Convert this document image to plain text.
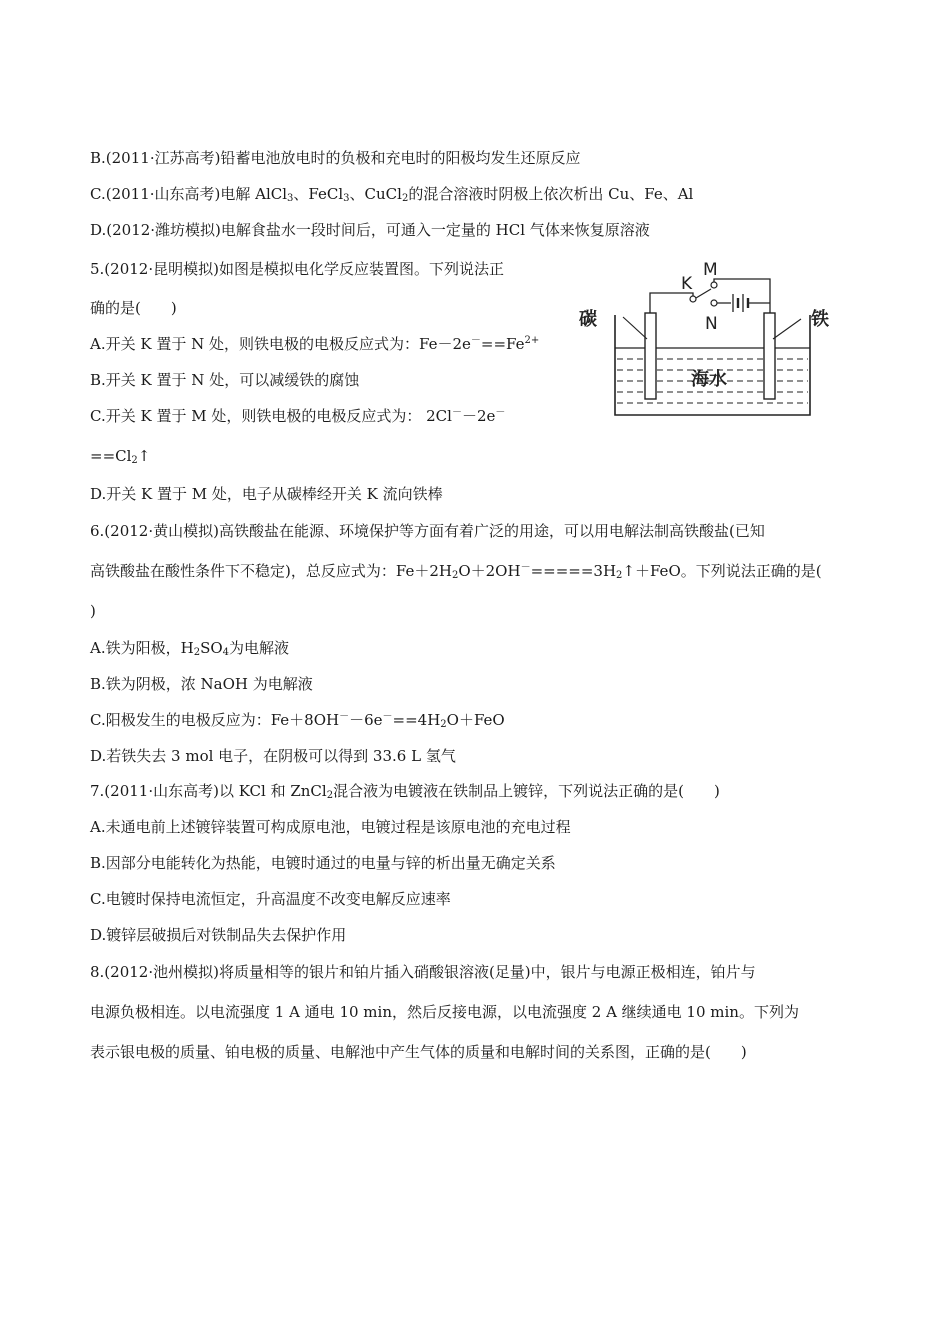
B.(2011·江苏高考)铅蓄电池放电时的负极和充电时的阳极均发生还原反应

C.(2011·山东高考)电解 AlCl$_3$、FeCl$_3$、CuCl$_2$的混合溶液时阴极上依次析出 Cu、Fe、Al

D.(2012·潍坊模拟)电解食盐水一段时间后，可通入一定量的 HCl 气体来恢复原溶液

5.(2012·昆明模拟)如图是模拟电化学反应装置图。下列说法正

确的是( )

A.开关 K 置于 N 处，则铁电极的电极反应式为：$Fe-2e^-==Fe^{2+}$

B.开关 K 置于 N 处，可以减缓铁的腐蚀

C.开关 K 置于 M 处，则铁电极的电极反应式为： 2Cl－－2e－

$==Cl_2↑$

D.开关 K 置于 M 处，电子从碳棒经开关 K 流向铁棒

M
K
N
碳	铁
海水

6.(2012·黄山模拟)高铁酸盐在能源、环境保护等方面有着广泛的用途，可以用电解法制高铁酸盐(已知

高铁酸盐在酸性条件下不稳定)，总反应式为：$Fe+2H_2O+2OH^-=====3H_2↑+FeO$。下列说法正确的是(

)

A.铁为阳极，$H_2SO_4$为电解液

B.铁为阴极，浓 NaOH 为电解液

C.阳极发生的电极反应为：$Fe+8OH^--6e^-==4H_2O+FeO$

D.若铁失去 3 mol 电子，在阴极可以得到 33.6 L 氢气

7.(2011·山东高考)以 KCl 和 ZnCl$_2$混合液为电镀液在铁制品上镀锌，下列说法正确的是( )

A.未通电前上述镀锌装置可构成原电池，电镀过程是该原电池的充电过程

B.因部分电能转化为热能，电镀时通过的电量与锌的析出量无确定关系

C.电镀时保持电流恒定，升高温度不改变电解反应速率

D.镀锌层破损后对铁制品失去保护作用

8.(2012·池州模拟)将质量相等的银片和铂片插入硝酸银溶液(足量)中，银片与电源正极相连，铂片与

电源负极相连。以电流强度 1 A 通电 10 min，然后反接电源，以电流强度 2 A 继续通电 10 min。下列为

表示银电极的质量、铂电极的质量、电解池中产生气体的质量和电解时间的关系图，正确的是( )
